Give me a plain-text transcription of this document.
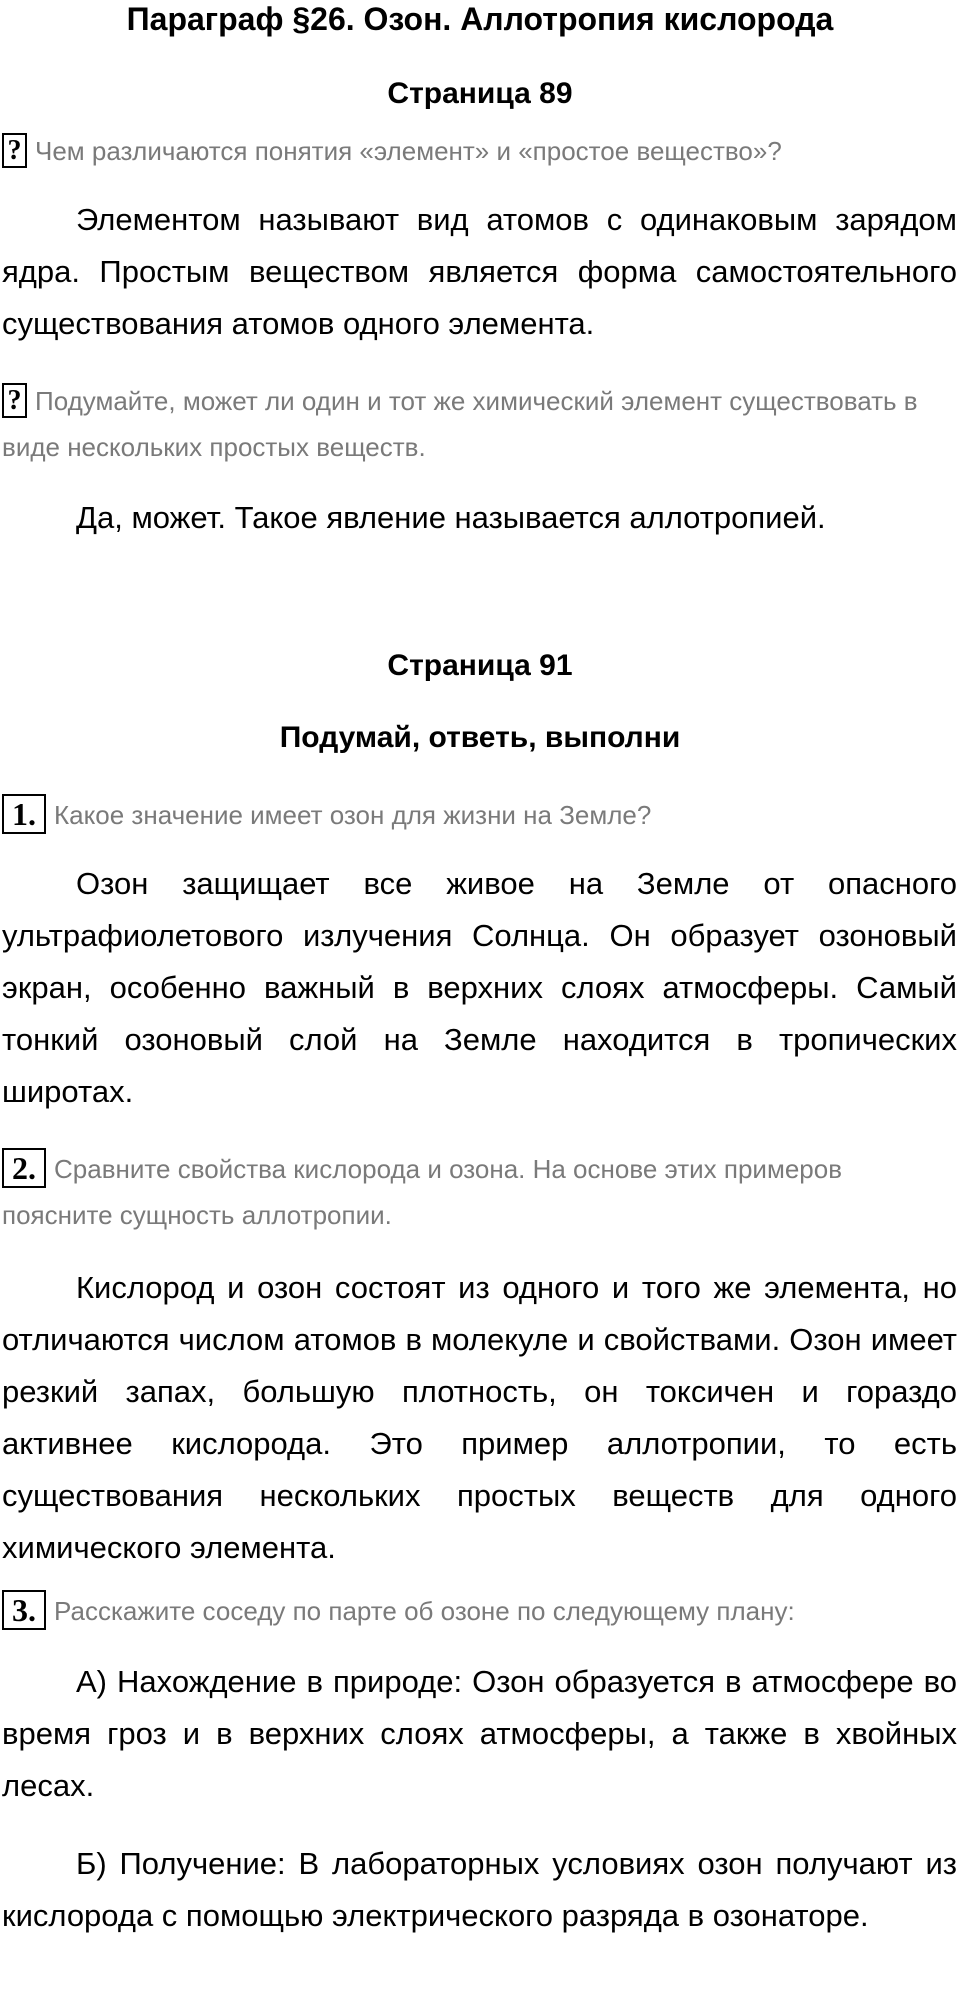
Параграф §26. Озон. Аллотропия кислорода
Страница 89
? Чем различаются понятия «элемент» и «простое вещество»?

Элементом называют вид атомов с одинаковым зарядом ядра. Простым веществом является форма самостоятельного существования атомов одного элемента.

? Подумайте, может ли один и тот же химический элемент существовать в виде нескольких простых веществ.

Да, может. Такое явление называется аллотропией.

Страница 91
Подумай, ответь, выполни
1. Какое значение имеет озон для жизни на Земле?

Озон защищает все живое на Земле от опасного ультрафиолетового излучения Солнца. Он образует озоновый экран, особенно важный в верхних слоях атмосферы. Самый тонкий озоновый слой на Земле находится в тропических широтах.

2. Сравните свойства кислорода и озона. На основе этих примеров поясните сущность аллотропии.

Кислород и озон состоят из одного и того же элемента, но отличаются числом атомов в молекуле и свойствами. Озон имеет резкий запах, большую плотность, он токсичен и гораздо активнее кислорода. Это пример аллотропии, то есть существования нескольких простых веществ для одного химического элемента.

3. Расскажите соседу по парте об озоне по следующему плану:

А) Нахождение в природе: Озон образуется в атмосфере во время гроз и в верхних слоях атмосферы, а также в хвойных лесах.

Б) Получение: В лабораторных условиях озон получают из кислорода с помощью электрического разряда в озонаторе.
